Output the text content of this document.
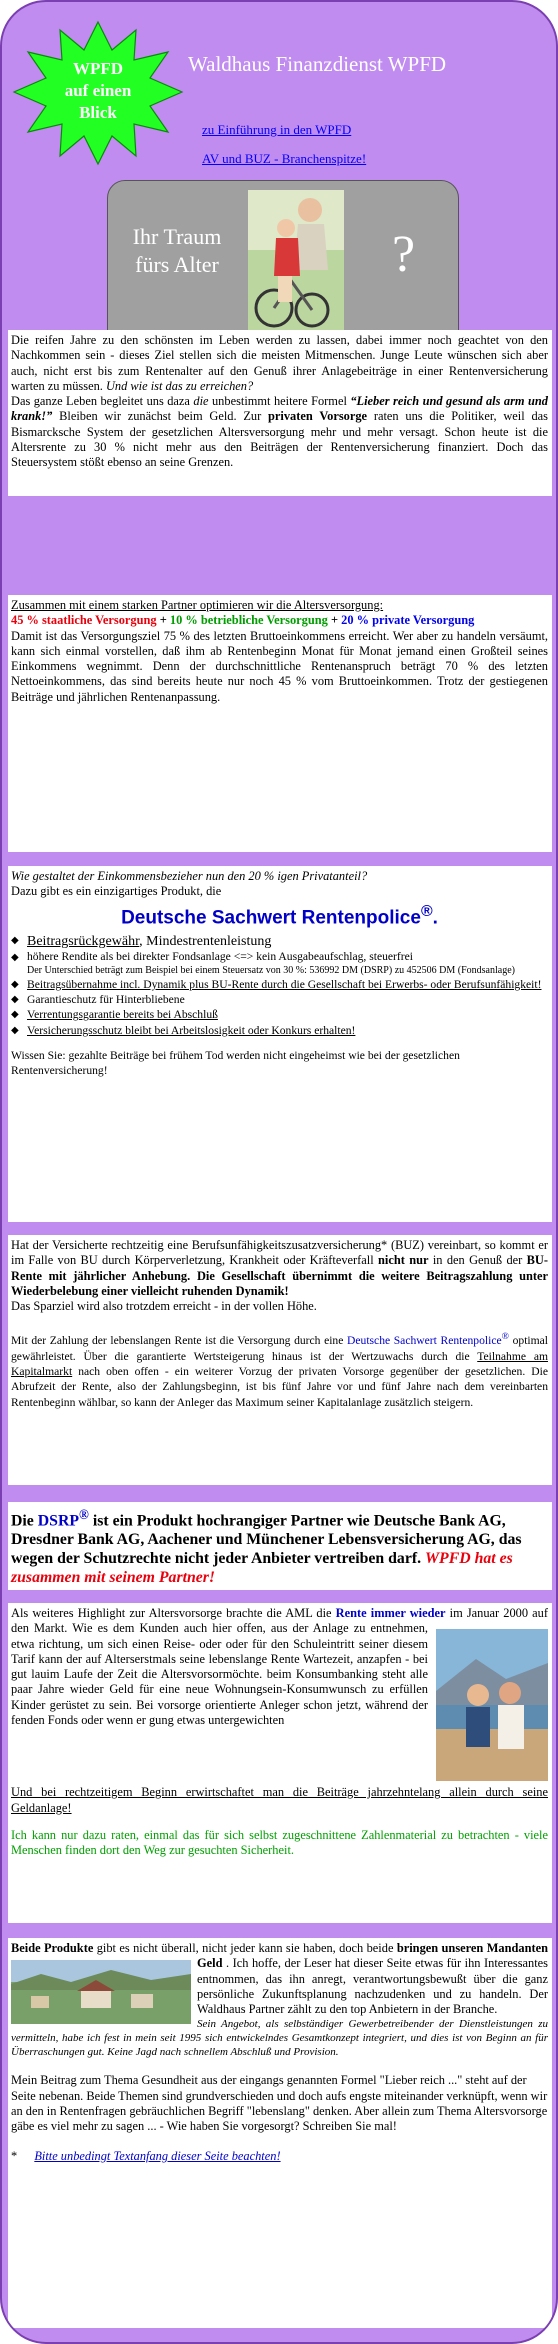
WPFD
auf einen
Blick
Waldhaus Finanzdienst WPFD
zu Einführung in den WPFD
AV und BUZ - Branchenspitze!
Ihr Traum fürs Alter	?
Die reifen Jahre zu den schönsten im Leben werden zu lassen, dabei immer noch geachtet von den Nachkommen sein - dieses Ziel stellen sich die meisten Mitmenschen. Junge Leute wünschen sich aber auch, nicht erst bis zum Rentenalter auf den Genuß ihrer Anlagebeiträge in einer Rentenversicherung warten zu müssen. Und wie ist das zu erreichen?
Das ganze Leben begleitet uns daza die unbestimmt heitere Formel “Lieber reich und gesund als arm und krank!” Bleiben wir zunächst beim Geld. Zur privaten Vorsorge raten uns die Politiker, weil das Bismarcksche System der gesetzlichen Altersversorgung mehr und mehr versagt. Schon heute ist die Altersrente zu 30 % nicht mehr aus den Beiträgen der Rentenversicherung finanziert. Doch das Steuersystem stößt ebenso an seine Grenzen.
Zusammen mit einem starken Partner optimieren wir die Altersversorgung:
45 % staatliche Versorgung + 10 % betriebliche Versorgung + 20 % private Versorgung
Damit ist das Versorgungsziel 75 % des letzten Bruttoeinkommens erreicht. Wer aber zu handeln versäumt, kann sich einmal vorstellen, daß ihm ab Rentenbeginn Monat für Monat jemand einen Großteil seines Einkommens wegnimmt. Denn der durchschnittliche Rentenanspruch beträgt 70 % des letzten Nettoeinkommens, das sind bereits heute nur noch 45 % vom Bruttoeinkommen. Trotz der gestiegenen Beiträge und jährlichen Rentenanpassung.
Wie gestaltet der Einkommensbezieher nun den 20 % igen Privatanteil?
Dazu gibt es ein einzigartiges Produkt, die
Deutsche Sachwert Rentenpolice®.
◆ Beitragsrückgewähr, Mindestrentenleistung
◆ höhere Rendite als bei direkter Fondsanlage <=> kein Ausgabeaufschlag, steuerfrei
Der Unterschied beträgt zum Beispiel bei einem Steuersatz von 30 %: 536992 DM (DSRP) zu 452506 DM (Fondsanlage)
◆ Beitragsübernahme incl. Dynamik plus BU-Rente durch die Gesellschaft bei Erwerbs- oder Berufsunfähigkeit!
◆ Garantieschutz für Hinterbliebene
◆ Verrentungsgarantie bereits bei Abschluß
◆ Versicherungsschutz bleibt bei Arbeitslosigkeit oder Konkurs erhalten!
Wissen Sie: gezahlte Beiträge bei frühem Tod werden nicht eingeheimst wie bei der gesetzlichen Rentenversicherung!
Hat der Versicherte rechtzeitig eine Berufsunfähigkeitszusatzversicherung* (BUZ) vereinbart, so kommt er im Falle von BU durch Körperverletzung, Krankheit oder Kräfteverfall nicht nur in den Genuß der BU-Rente mit jährlicher Anhebung. Die Gesellschaft übernimmt die weitere Beitragszahlung unter Wiederbelebung einer vielleicht ruhenden Dynamik!
Das Sparziel wird also trotzdem erreicht - in der vollen Höhe.
Mit der Zahlung der lebenslangen Rente ist die Versorgung durch eine Deutsche Sachwert Rentenpolice® optimal gewährleistet. Über die garantierte Wertsteigerung hinaus ist der Wertzuwachs durch die Teilnahme am Kapitalmarkt nach oben offen - ein weiterer Vorzug der privaten Vorsorge gegenüber der gesetzlichen. Die Abrufzeit der Rente, also der Zahlungsbeginn, ist bis fünf Jahre vor und fünf Jahre nach dem vereinbarten Rentenbeginn wählbar, so kann der Anleger das Maximum seiner Kapitalanlage zusätzlich steigern.
Die DSRP® ist ein Produkt hochrangiger Partner wie Deutsche Bank AG, Dresdner Bank AG, Aachener und Münchener Lebensversicherung AG, das wegen der Schutzrechte nicht jeder Anbieter vertreiben darf. WPFD hat es zusammen mit seinem Partner!
Als weiteres Highlight zur Altersvorsorge brachte die AML die Rente immer wieder im Januar 2000 auf den Markt. Wie es dem Kunden auch hier offen, aus der Anlage zu entnehmen, etwa richtung, um sich einen Reise- oder oder für den Schuleintritt seiner diesem Tarif kann der auf Alterserstmals seine lebenslange Rente Wartezeit, anzapfen - bei gut lauim Laufe der Zeit die Altersvorsormöchte. beim Konsumbanking steht alle paar Jahre wieder Geld für eine neue Wohnungsein-Konsumwunsch zu erfüllen Kinder gerüstet zu sein. Bei vorsorge orientierte Anleger schon jetzt, während der fenden Fonds oder wenn er gung etwas untergewichten
Und bei rechtzeitigem Beginn erwirtschaftet man die Beiträge jahrzehntelang allein durch seine Geldanlage!
Ich kann nur dazu raten, einmal das für sich selbst zugeschnittene Zahlenmaterial zu betrachten - viele Menschen finden dort den Weg zur gesuchten Sicherheit.
Beide Produkte gibt es nicht überall, nicht jeder kann sie haben, doch beide bringen unseren Mandanten Geld . Ich hoffe, der Leser hat dieser Seite etwas für ihn Interessantes entnommen, das ihn anregt, verantwortungsbewußt über die ganz persönliche Zukunftsplanung nachzudenken und zu handeln. Der Waldhaus Partner zählt zu den top Anbietern in der Branche.
Sein Angebot, als selbständiger Gewerbetreibender der Dienstleistungen zu vermitteln, habe ich fest in mein seit 1995 sich entwickelndes Gesamtkonzept integriert, und dies ist von Beginn an für Überraschungen gut. Keine Jagd nach schnellem Abschluß und Provision.
Mein Beitrag zum Thema Gesundheit aus der eingangs genannten Formel "Lieber reich ..." steht auf der Seite nebenan. Beide Themen sind grundverschieden und doch aufs engste miteinander verknüpft, wenn wir an den in Rentenfragen gebräuchlichen Begriff "lebenslang" denken. Aber allein zum Thema Altersvorsorge gäbe es viel mehr zu sagen ... - Wie haben Sie vorgesorgt? Schreiben Sie mal!
* Bitte unbedingt Textanfang dieser Seite beachten!
